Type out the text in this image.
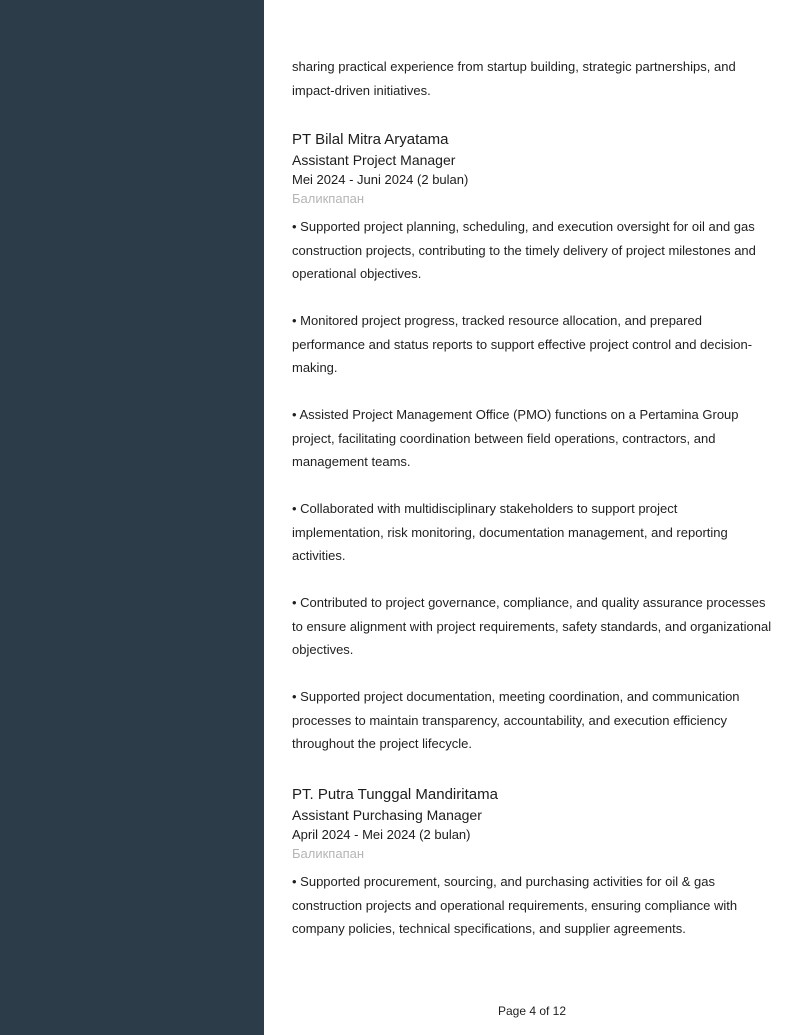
sharing practical experience from startup building, strategic partnerships, and impact-driven initiatives.

PT Bilal Mitra Aryatama

Assistant Project Manager

Mei 2024 - Juni 2024 (2 bulan)

Баликпапан

• Supported project planning, scheduling, and execution oversight for oil and gas construction projects, contributing to the timely delivery of project milestones and operational objectives.

• Monitored project progress, tracked resource allocation, and prepared performance and status reports to support effective project control and decision-making.

• Assisted Project Management Office (PMO) functions on a Pertamina Group project, facilitating coordination between field operations, contractors, and management teams.

• Collaborated with multidisciplinary stakeholders to support project implementation, risk monitoring, documentation management, and reporting activities.

• Contributed to project governance, compliance, and quality assurance processes to ensure alignment with project requirements, safety standards, and organizational objectives.

• Supported project documentation, meeting coordination, and communication processes to maintain transparency, accountability, and execution efficiency throughout the project lifecycle.

PT. Putra Tunggal Mandiritama

Assistant Purchasing Manager

April 2024 - Mei 2024 (2 bulan)

Баликпапан

• Supported procurement, sourcing, and purchasing activities for oil & gas construction projects and operational requirements, ensuring compliance with company policies, technical specifications, and supplier agreements.

Page 4 of 12
